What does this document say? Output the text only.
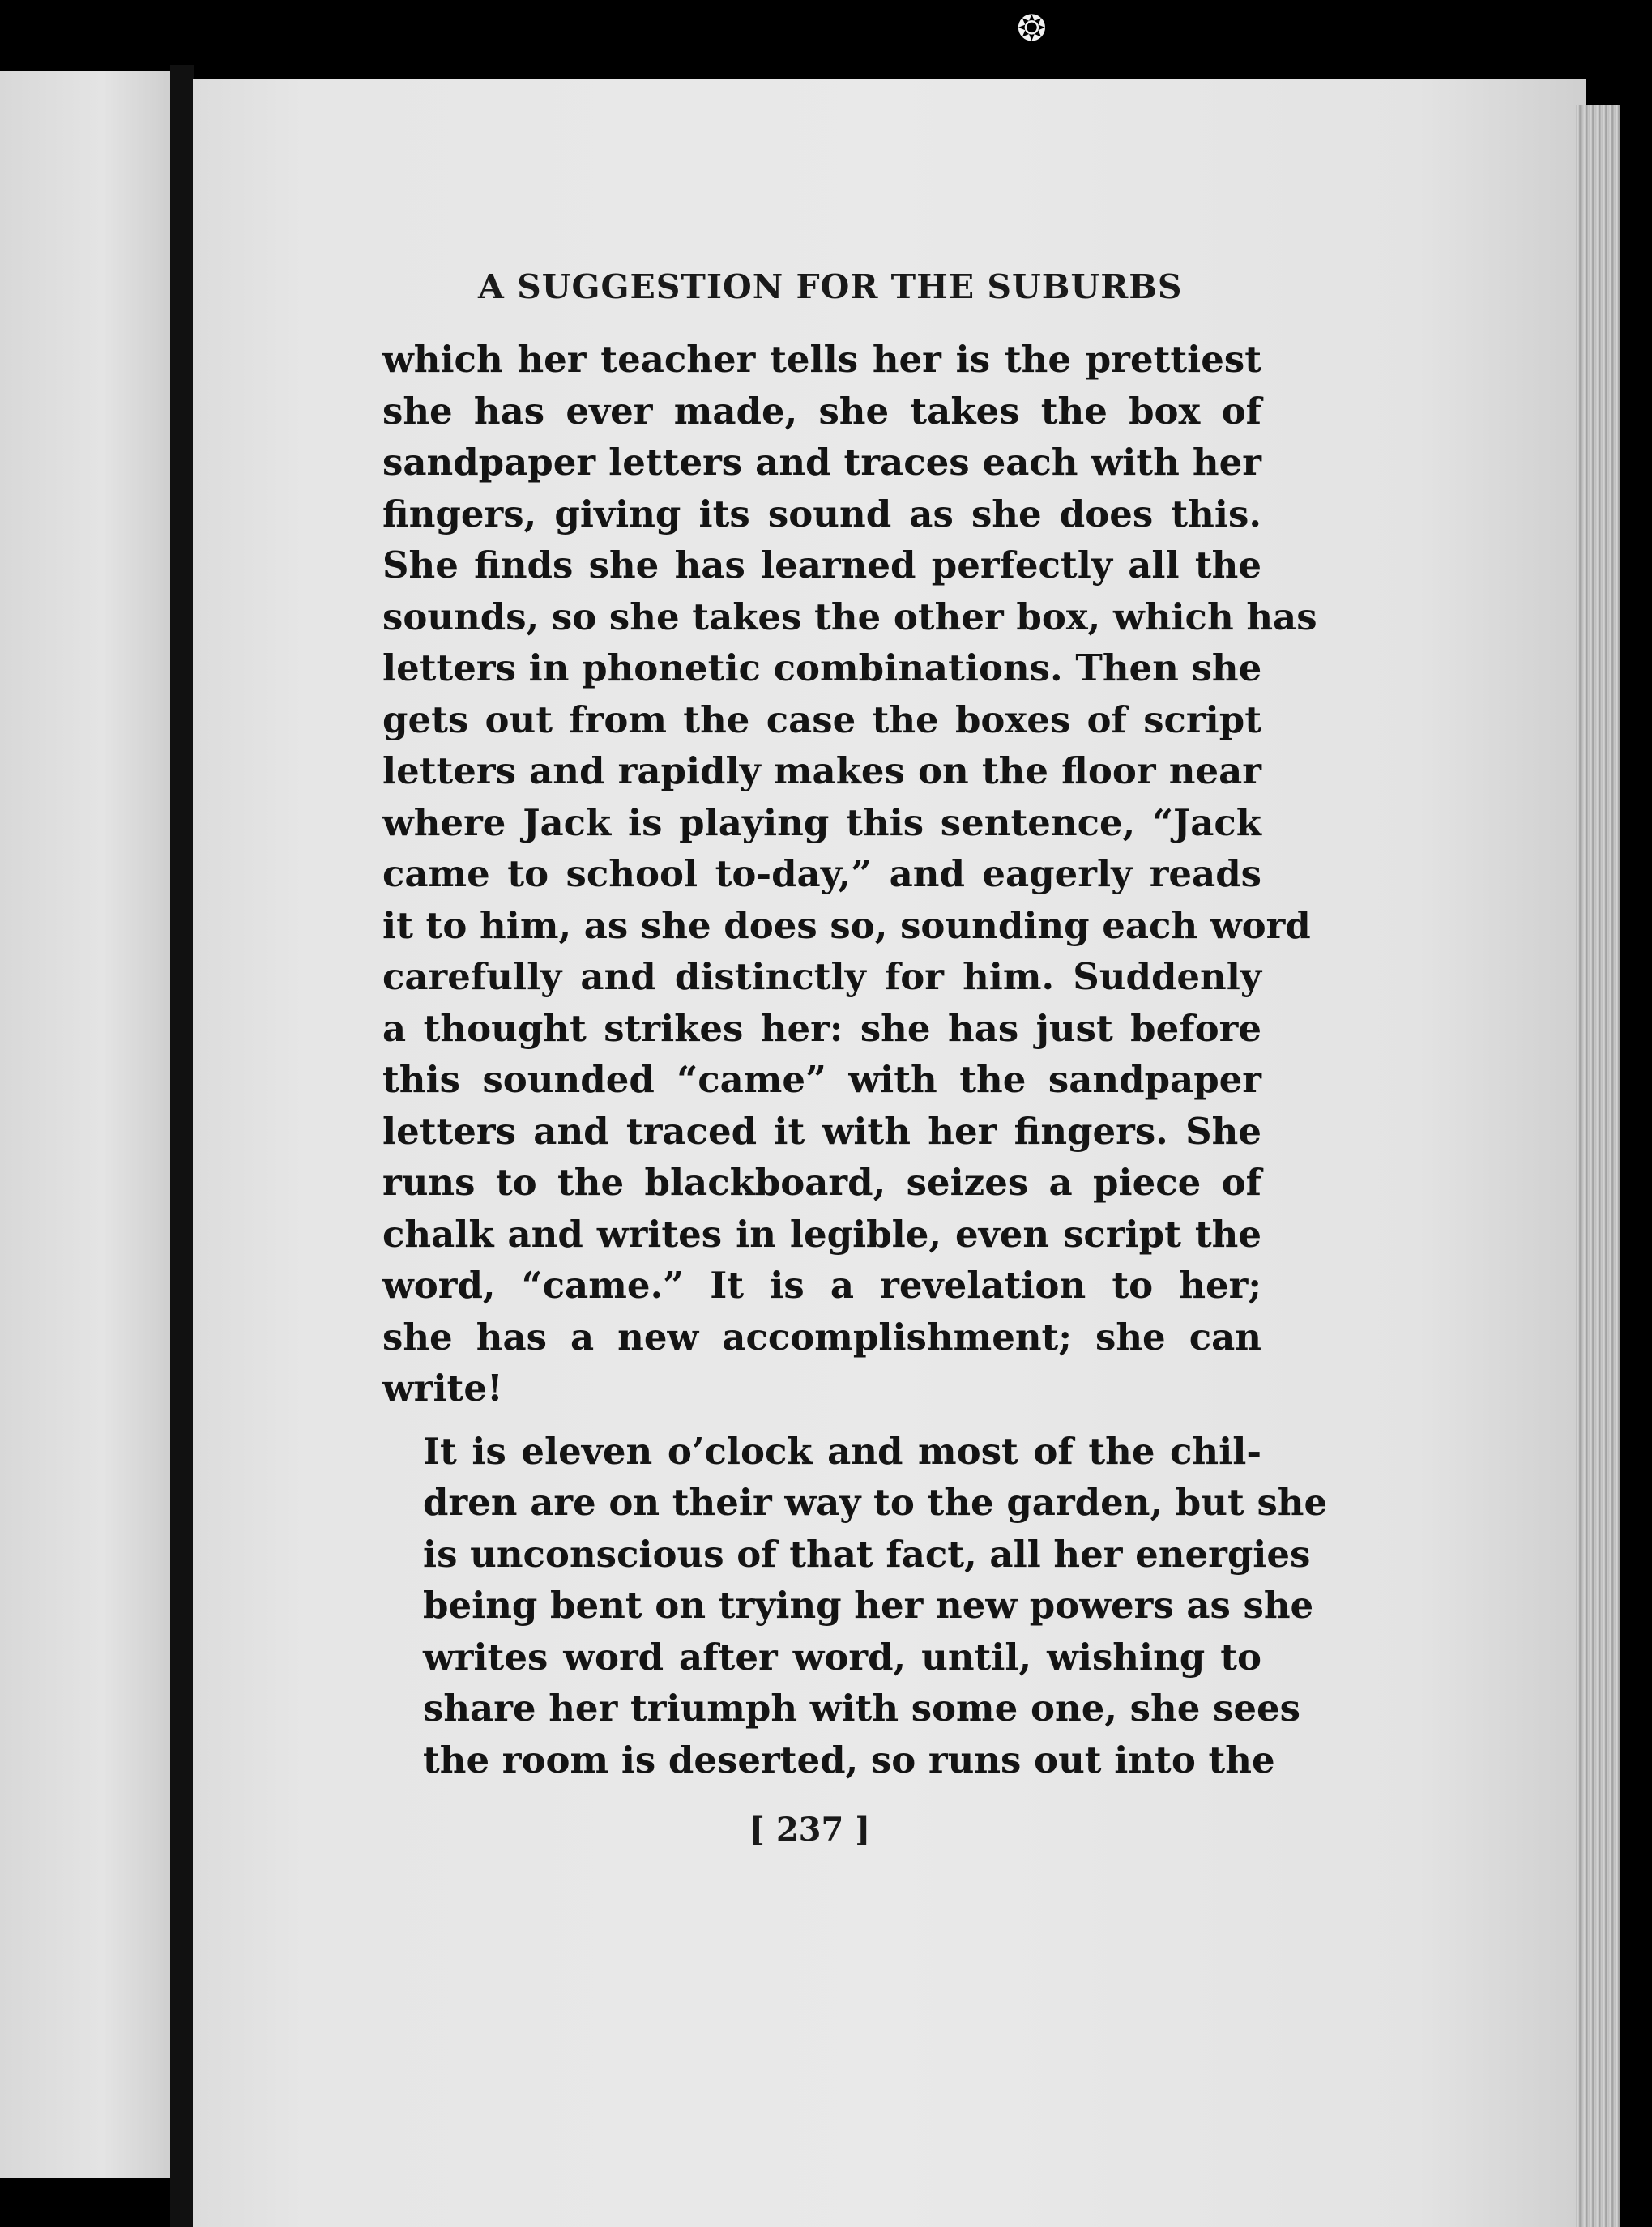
❂
A SUGGESTION FOR THE SUBURBS

which her teacher tells her is the prettiest
she has ever made, she takes the box of
sandpaper letters and traces each with her
fingers, giving its sound as she does this.
She finds she has learned perfectly all the
sounds, so she takes the other box, which has
letters in phonetic combinations. Then she
gets out from the case the boxes of script
letters and rapidly makes on the floor near
where Jack is playing this sentence, “Jack
came to school to-day,” and eagerly reads
it to him, as she does so, sounding each word
carefully and distinctly for him. Suddenly
a thought strikes her: she has just before
this sounded “came” with the sandpaper
letters and traced it with her fingers. She
runs to the blackboard, seizes a piece of
chalk and writes in legible, even script the
word, “came.” It is a revelation to her;
she has a new accomplishment; she can
write!

It is eleven o’clock and most of the chil-
dren are on their way to the garden, but she
is unconscious of that fact, all her energies
being bent on trying her new powers as she
writes word after word, until, wishing to
share her triumph with some one, she sees
the room is deserted, so runs out into the

[ 237 ]
